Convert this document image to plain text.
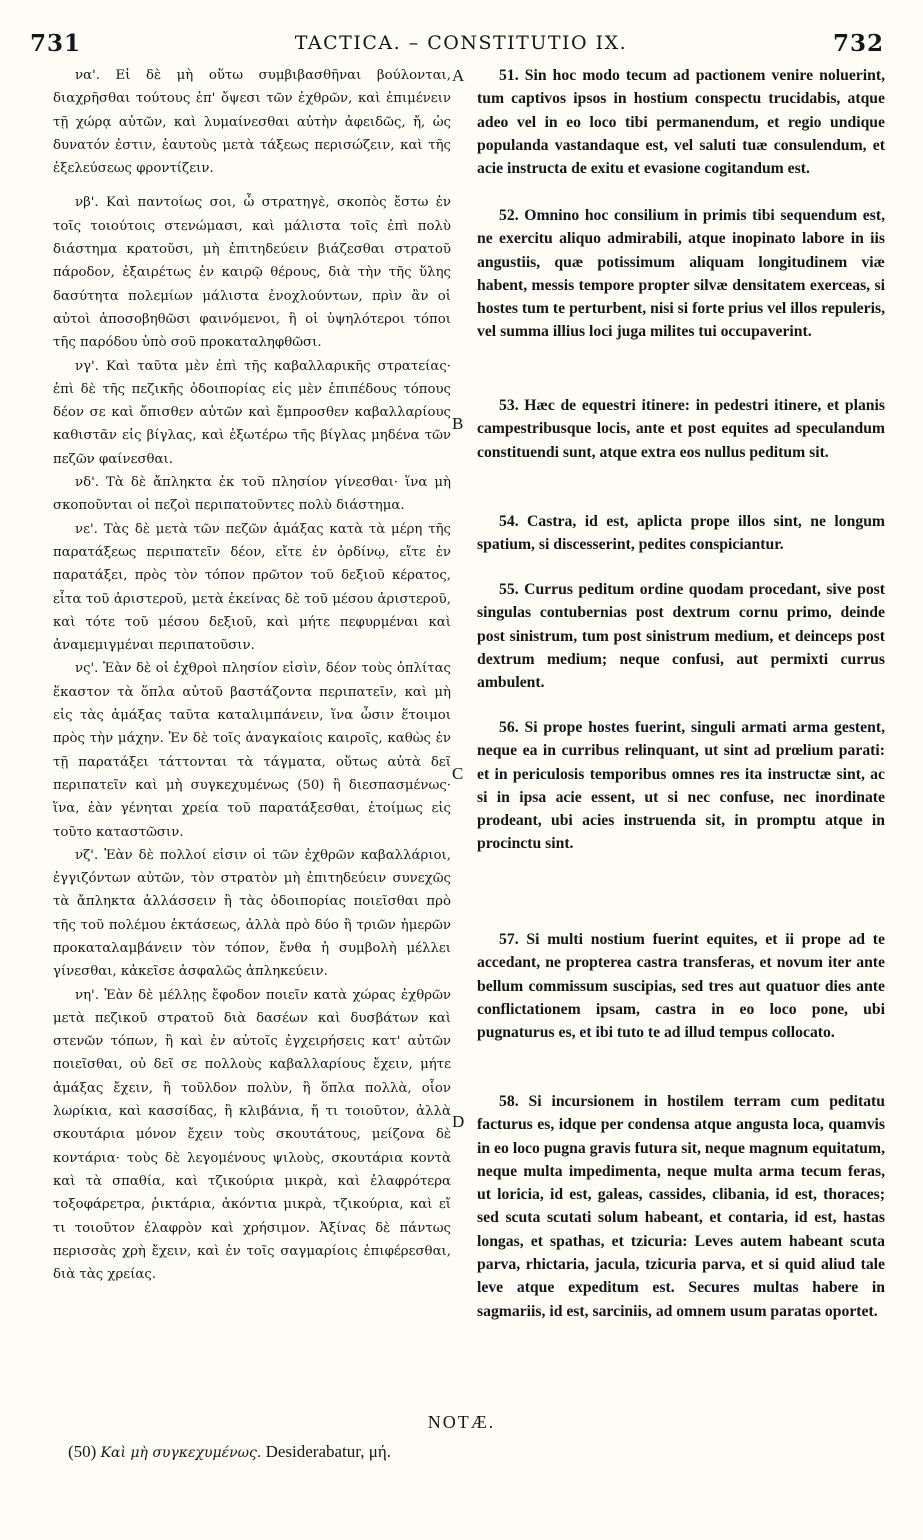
731	TACTICA. – CONSTITUTIO IX.	732

να'. Εἰ δὲ μὴ οὕτω συμβιβασθῆναι βούλονται, διαχρῆσθαι τούτους ἐπ' ὄψεσι τῶν ἐχθρῶν, καὶ ἐπιμένειν τῇ χώρᾳ αὐτῶν, καὶ λυμαίνεσθαι αὐτὴν ἀφειδῶς, ἤ, ὡς δυνατόν ἐστιν, ἑαυτοὺς μετὰ τάξεως περισώζειν, καὶ τῆς ἐξελεύσεως φροντίζειν.

νβ'. Καὶ παντοίως σοι, ὦ στρατηγὲ, σκοπὸς ἔστω ἐν τοῖς τοιούτοις στενώμασι, καὶ μάλιστα τοῖς ἐπὶ πολὺ διάστημα κρατοῦσι, μὴ ἐπιτηδεύειν βιάζεσθαι στρατοῦ πάροδον, ἐξαιρέτως ἐν καιρῷ θέρους, διὰ τὴν τῆς ὕλης δασύτητα πολεμίων μάλιστα ἐνοχλούντων, πρὶν ἂν οἱ αὐτοὶ ἀποσοβηθῶσι φαινόμενοι, ἢ οἱ ὑψηλότεροι τόποι τῆς παρόδου ὑπὸ σοῦ προκαταληφθῶσι.

νγ'. Καὶ ταῦτα μὲν ἐπὶ τῆς καβαλλαρικῆς στρατείας· ἐπὶ δὲ τῆς πεζικῆς ὁδοιπορίας εἰς μὲν ἐπιπέδους τόπους δέον σε καὶ ὄπισθεν αὐτῶν καὶ ἔμπροσθεν καβαλλαρίους καθιστᾶν εἰς βίγλας, καὶ ἐξωτέρω τῆς βίγλας μηδένα τῶν πεζῶν φαίνεσθαι.

νδ'. Τὰ δὲ ἄπληκτα ἐκ τοῦ πλησίον γίνεσθαι· ἵνα μὴ σκοποῦνται οἱ πεζοὶ περιπατοῦντες πολὺ διάστημα.

νε'. Τὰς δὲ μετὰ τῶν πεζῶν ἁμάξας κατὰ τὰ μέρη τῆς παρατάξεως περιπατεῖν δέον, εἴτε ἐν ὀρδίνῳ, εἴτε ἐν παρατάξει, πρὸς τὸν τόπον πρῶτον τοῦ δεξιοῦ κέρατος, εἶτα τοῦ ἀριστεροῦ, μετὰ ἐκείνας δὲ τοῦ μέσου ἀριστεροῦ, καὶ τότε τοῦ μέσου δεξιοῦ, καὶ μήτε πεφυρμέναι καὶ ἀναμεμιγμέναι περιπατοῦσιν.

νς'. Ἐὰν δὲ οἱ ἐχθροὶ πλησίον εἰσὶν, δέον τοὺς ὁπλίτας ἕκαστον τὰ ὅπλα αὐτοῦ βαστάζοντα περιπατεῖν, καὶ μὴ εἰς τὰς ἁμάξας ταῦτα καταλιμπάνειν, ἵνα ὦσιν ἕτοιμοι πρὸς τὴν μάχην. Ἐν δὲ τοῖς ἀναγκαίοις καιροῖς, καθὼς ἐν τῇ παρατάξει τάττονται τὰ τάγματα, οὕτως αὐτὰ δεῖ περιπατεῖν καὶ μὴ συγκεχυμένως (50) ἢ διεσπασμένως· ἵνα, ἐὰν γένηται χρεία τοῦ παρατάξεσθαι, ἑτοίμως εἰς τοῦτο καταστῶσιν.

νζ'. Ἐὰν δὲ πολλοί εἰσιν οἱ τῶν ἐχθρῶν καβαλλάριοι, ἐγγιζόντων αὐτῶν, τὸν στρατὸν μὴ ἐπιτηδεύειν συνεχῶς τὰ ἄπληκτα ἀλλάσσειν ἢ τὰς ὁδοιπορίας ποιεῖσθαι πρὸ τῆς τοῦ πολέμου ἐκτάσεως, ἀλλὰ πρὸ δύο ἢ τριῶν ἡμερῶν προκαταλαμβάνειν τὸν τόπον, ἔνθα ἡ συμβολὴ μέλλει γίνεσθαι, κἀκεῖσε ἀσφαλῶς ἀπληκεύειν.

νη'. Ἐὰν δὲ μέλλῃς ἔφοδον ποιεῖν κατὰ χώρας ἐχθρῶν μετὰ πεζικοῦ στρατοῦ διὰ δασέων καὶ δυσβάτων καὶ στενῶν τόπων, ἢ καὶ ἐν αὐτοῖς ἐγχειρήσεις κατ' αὐτῶν ποιεῖσθαι, οὐ δεῖ σε πολλοὺς καβαλλαρίους ἔχειν, μήτε ἁμάξας ἔχειν, ἢ τοῦλδον πολὺν, ἢ ὅπλα πολλὰ, οἷον λωρίκια, καὶ κασσίδας, ἢ κλιβάνια, ἤ τι τοιοῦτον, ἀλλὰ σκουτάρια μόνον ἔχειν τοὺς σκουτάτους, μείζονα δὲ κοντάρια· τοὺς δὲ λεγομένους ψιλοὺς, σκουτάρια κοντὰ καὶ τὰ σπαθία, καὶ τζικούρια μικρὰ, καὶ ἐλαφρότερα τοξοφάρετρα, ῥικτάρια, ἀκόντια μικρὰ, τζικούρια, καὶ εἴ τι τοιοῦτον ἐλαφρὸν καὶ χρήσιμον. Ἀξίνας δὲ πάντως περισσὰς χρὴ ἔχειν, καὶ ἐν τοῖς σαγμαρίοις ἐπιφέρεσθαι, διὰ τὰς χρείας.

A
B
C
D

51. Sin hoc modo tecum ad pactionem venire noluerint, tum captivos ipsos in hostium conspectu trucidabis, atque adeo vel in eo loco tibi permanendum, et regio undique populanda vastandaque est, vel saluti tuæ consulendum, et acie instructa de exitu et evasione cogitandum est.

52. Omnino hoc consilium in primis tibi sequendum est, ne exercitu aliquo admirabili, atque inopinato labore in iis angustiis, quæ potissimum aliquam longitudinem viæ habent, messis tempore propter silvæ densitatem exerceas, si hostes tum te perturbent, nisi si forte prius vel illos repuleris, vel summa illius loci juga milites tui occupaverint.

53. Hæc de equestri itinere: in pedestri itinere, et planis campestribusque locis, ante et post equites ad speculandum constituendi sunt, atque extra eos nullus peditum sit.

54. Castra, id est, aplicta prope illos sint, ne longum spatium, si discesserint, pedites conspiciantur.

55. Currus peditum ordine quodam procedant, sive post singulas contubernias post dextrum cornu primo, deinde post sinistrum, tum post sinistrum medium, et deinceps post dextrum medium; neque confusi, aut permixti currus ambulent.

56. Si prope hostes fuerint, singuli armati arma gestent, neque ea in curribus relinquant, ut sint ad prœlium parati: et in periculosis temporibus omnes res ita instructæ sint, ac si in ipsa acie essent, ut si nec confuse, nec inordinate prodeant, ubi acies instruenda sit, in promptu atque in procinctu sint.

57. Si multi nostium fuerint equites, et ii prope ad te accedant, ne propterea castra transferas, et novum iter ante bellum commissum suscipias, sed tres aut quatuor dies ante conflictationem ipsam, castra in eo loco pone, ubi pugnaturus es, et ibi tuto te ad illud tempus collocato.

58. Si incursionem in hostilem terram cum peditatu facturus es, idque per condensa atque angusta loca, quamvis in eo loco pugna gravis futura sit, neque magnum equitatum, neque multa impedimenta, neque multa arma tecum feras, ut loricia, id est, galeas, cassides, clibania, id est, thoraces; sed scuta scutati solum habeant, et contaria, id est, hastas longas, et spathas, et tzicuria: Leves autem habeant scuta parva, rhictaria, jacula, tzicuria parva, et si quid aliud tale leve atque expeditum est. Secures multas habere in sagmariis, id est, sarciniis, ad omnem usum paratas oportet.

NOTÆ.
(50) Καὶ μὴ συγκεχυμένως. Desiderabatur, μή.
